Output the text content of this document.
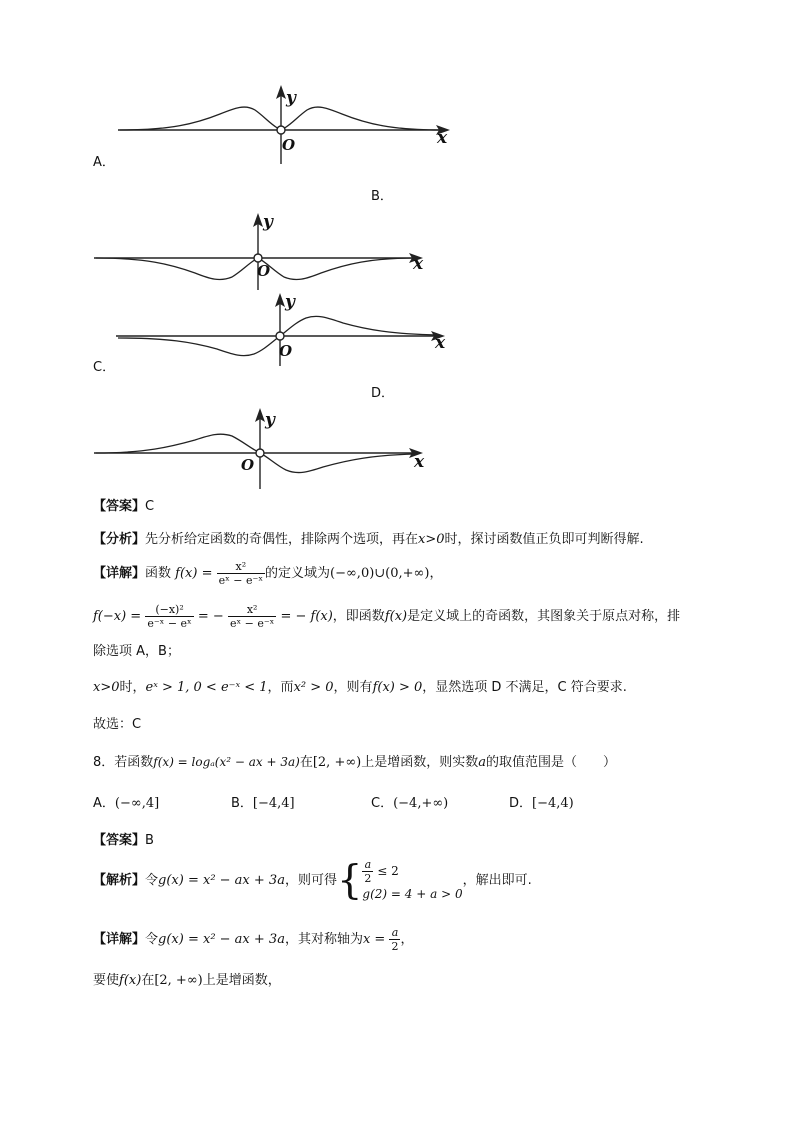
y
x
O
A．
B．
y
x
O
y
x
O
C．
D．
y
x
O
【答案】C
【分析】先分析给定函数的奇偶性，排除两个选项，再在x>0时，探讨函数值正负即可判断得解.
【详解】函数 $f(x) = \frac{\text{x²}}{\text{eˣ − e⁻ˣ}}$ 的定义域为(−∞,0)∪(0,+∞)，
$f(-x) = \frac{\text{(−x)²}}{\text{e⁻ˣ − eˣ}}$ = − $\frac{\text{x²}}{\text{eˣ − e⁻ˣ}}$ = − f(x)，即函数f(x)是定义域上的奇函数，其图象关于原点对称，排
除选项 A，B；
x>0时，eˣ > 1, 0 < e⁻ˣ < 1，而x² > 0，则有f(x) > 0，显然选项 D 不满足，C 符合要求.
故选：C
8．若函数f(x) = logₐ(x² − ax + 3a)在[2, +∞)上是增函数，则实数a的取值范围是（　　）
A．(−∞,4]	B．[−4,4]	C．(−4,+∞)	D．[−4,4)
【答案】B
【解析】令g(x) = x² − ax + 3a，则可得{ $\frac{a}{2} \le 2$
g(2) = 4 + a > 0
，解出即可.
【详解】令g(x) = x² − ax + 3a，其对称轴为$x = \frac{a}{2}$ ，
要使f(x)在[2, +∞)上是增函数，
